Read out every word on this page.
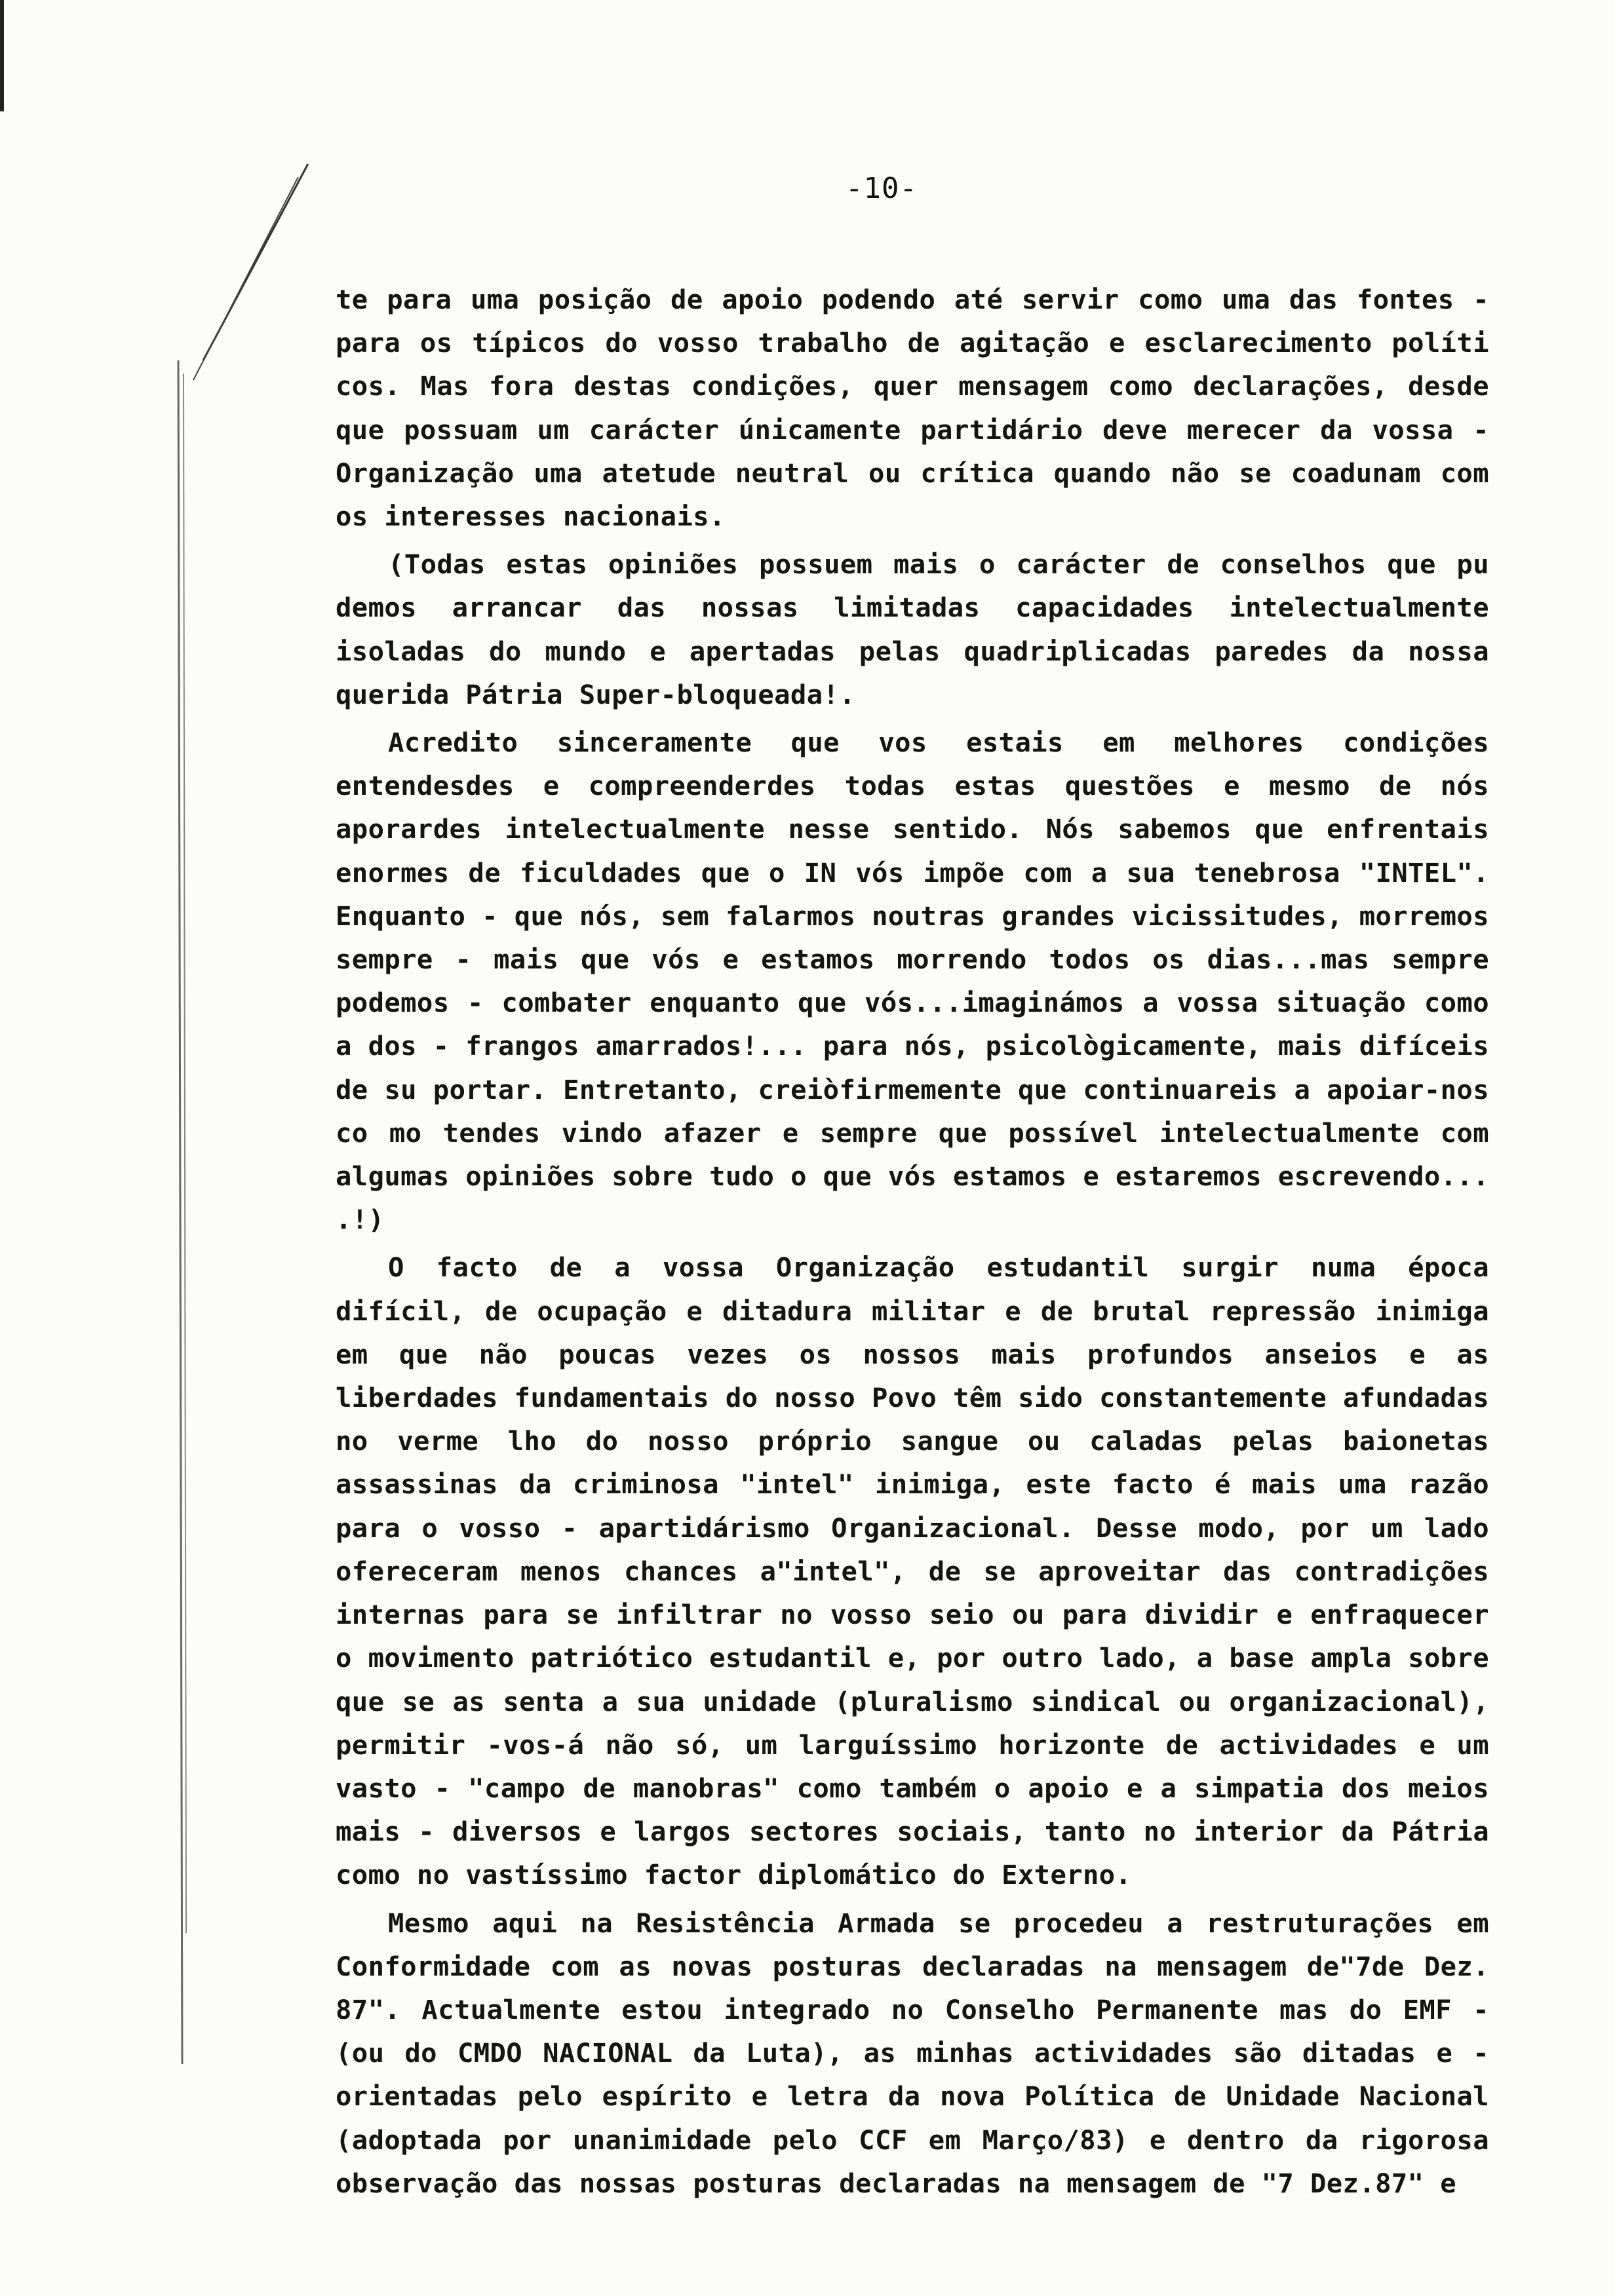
-10-

te para uma posição de apoio podendo até servir como uma das fontes - para os típicos do vosso trabalho de agitação e esclarecimento políti cos. Mas fora destas condições, quer mensagem como declarações, desde que possuam um carácter únicamente partidário deve merecer da vossa - Organização uma atetude neutral ou crítica quando não se coadunam com os interesses nacionais.

(Todas estas opiniões possuem mais o carácter de conselhos que pu demos arrancar das nossas limitadas capacidades intelectualmente isoladas do mundo e apertadas pelas quadriplicadas paredes da nossa querida Pátria Super-bloqueada!.

Acredito sinceramente que vos estais em melhores condições entendesdes e compreenderdes todas estas questões e mesmo de nós aporardes intelectualmente nesse sentido. Nós sabemos que enfrentais enormes de ficuldades que o IN vós impõe com a sua tenebrosa "INTEL". Enquanto - que nós, sem falarmos noutras grandes vicissitudes, morremos sempre - mais que vós e estamos morrendo todos os dias...mas sempre podemos - combater enquanto que vós...imaginámos a vossa situação como a dos - frangos amarrados!... para nós, psicològicamente, mais difíceis de su portar. Entretanto, creiòfirmemente que continuareis a apoiar-nos co mo tendes vindo afazer e sempre que possível intelectualmente com algumas opiniões sobre tudo o que vós estamos e estaremos escrevendo... .!)

O facto de a vossa Organização estudantil surgir numa época difícil, de ocupação e ditadura militar e de brutal repressão inimiga em que não poucas vezes os nossos mais profundos anseios e as liberdades fundamentais do nosso Povo têm sido constantemente afundadas no verme lho do nosso próprio sangue ou caladas pelas baionetas assassinas da criminosa "intel" inimiga, este facto é mais uma razão para o vosso - apartidárismo Organizacional. Desse modo, por um lado ofereceram menos chances a"intel", de se aproveitar das contradições internas para se infiltrar no vosso seio ou para dividir e enfraquecer o movimento patriótico estudantil e, por outro lado, a base ampla sobre que se as senta a sua unidade (pluralismo sindical ou organizacional), permitir -vos-á não só, um larguíssimo horizonte de actividades e um vasto - "campo de manobras" como também o apoio e a simpatia dos meios mais - diversos e largos sectores sociais, tanto no interior da Pátria como no vastíssimo factor diplomático do Externo.

Mesmo aqui na Resistência Armada se procedeu a restruturações em Conformidade com as novas posturas declaradas na mensagem de"7de Dez. 87". Actualmente estou integrado no Conselho Permanente mas do EMF - (ou do CMDO NACIONAL da Luta), as minhas actividades são ditadas e - orientadas pelo espírito e letra da nova Política de Unidade Nacional (adoptada por unanimidade pelo CCF em Março/83) e dentro da rigorosa observação das nossas posturas declaradas na mensagem de "7 Dez.87" e
